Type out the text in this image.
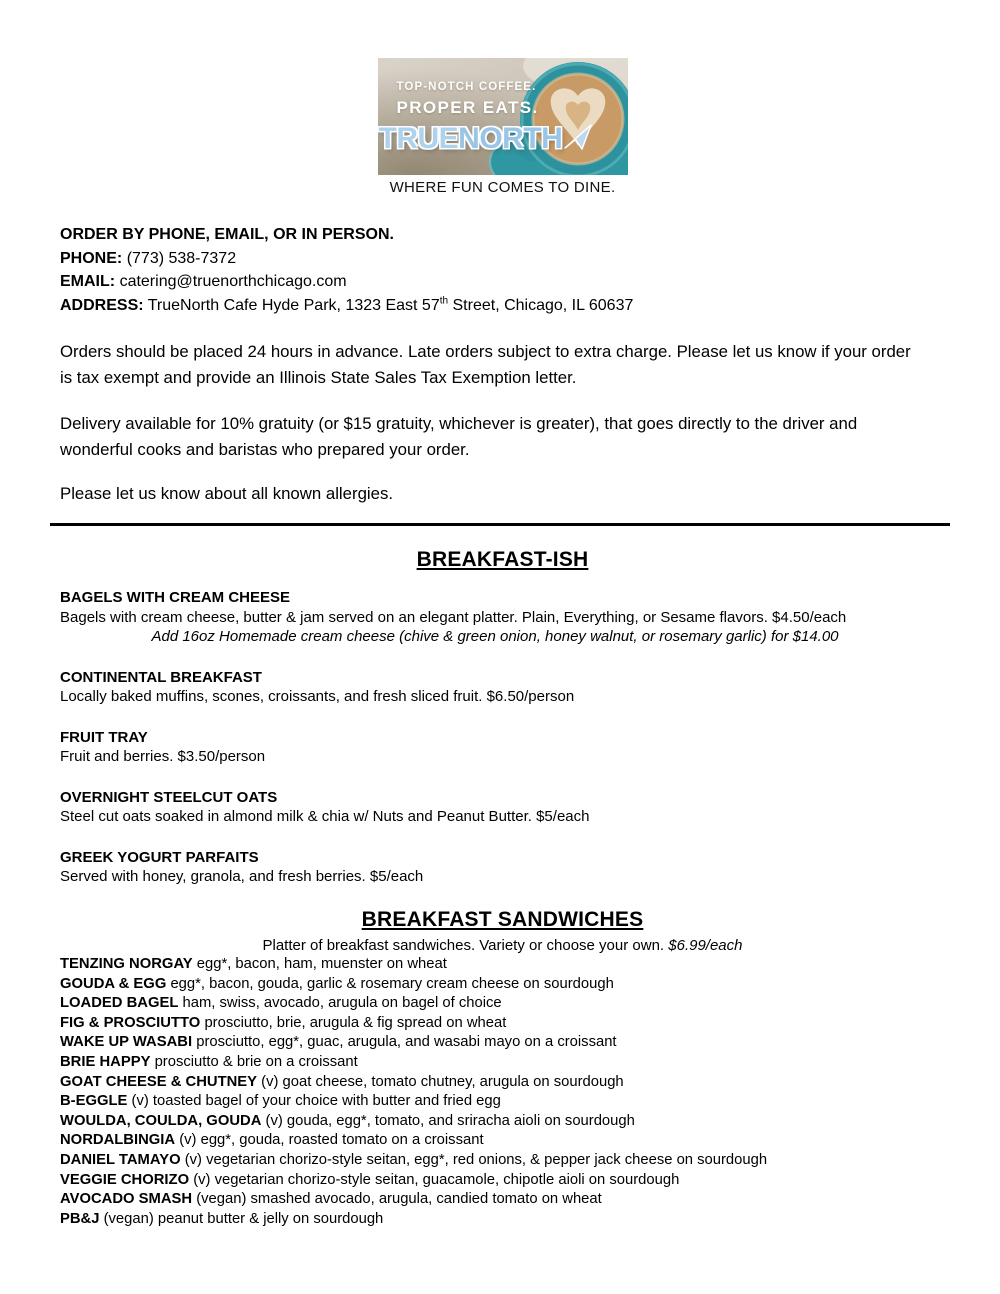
TOP-NOTCH COFFEE.
PROPER EATS.
TRUENORTH
WHERE FUN COMES TO DINE.

ORDER BY PHONE, EMAIL, OR IN PERSON.

PHONE: (773) 538-7372

EMAIL: catering@truenorthchicago.com

ADDRESS: TrueNorth Cafe Hyde Park, 1323 East 57th Street, Chicago, IL 60637

Orders should be placed 24 hours in advance. Late orders subject to extra charge. Please let us know if your order is tax exempt and provide an Illinois State Sales Tax Exemption letter.

Delivery available for 10% gratuity (or $15 gratuity, whichever is greater), that goes directly to the driver and wonderful cooks and baristas who prepared your order.

Please let us know about all known allergies.

BREAKFAST-ISH
BAGELS WITH CREAM CHEESE

Bagels with cream cheese, butter & jam served on an elegant platter. Plain, Everything, or Sesame flavors. $4.50/each

Add 16oz Homemade cream cheese (chive & green onion, honey walnut, or rosemary garlic) for $14.00

CONTINENTAL BREAKFAST

Locally baked muffins, scones, croissants, and fresh sliced fruit. $6.50/person

FRUIT TRAY

Fruit and berries. $3.50/person

OVERNIGHT STEELCUT OATS

Steel cut oats soaked in almond milk & chia w/ Nuts and Peanut Butter. $5/each

GREEK YOGURT PARFAITS

Served with honey, granola, and fresh berries. $5/each

BREAKFAST SANDWICHES

Platter of breakfast sandwiches. Variety or choose your own. $6.99/each

TENZING NORGAY egg*, bacon, ham, muenster on wheat
GOUDA & EGG egg*, bacon, gouda, garlic & rosemary cream cheese on sourdough
LOADED BAGEL ham, swiss, avocado, arugula on bagel of choice
FIG & PROSCIUTTO prosciutto, brie, arugula & fig spread on wheat
WAKE UP WASABI prosciutto, egg*, guac, arugula, and wasabi mayo on a croissant
BRIE HAPPY prosciutto & brie on a croissant
GOAT CHEESE & CHUTNEY (v) goat cheese, tomato chutney, arugula on sourdough
B-EGGLE (v) toasted bagel of your choice with butter and fried egg
WOULDA, COULDA, GOUDA (v) gouda, egg*, tomato, and sriracha aioli on sourdough
NORDALBINGIA (v) egg*, gouda, roasted tomato on a croissant
DANIEL TAMAYO (v) vegetarian chorizo-style seitan, egg*, red onions, & pepper jack cheese on sourdough
VEGGIE CHORIZO (v) vegetarian chorizo-style seitan, guacamole, chipotle aioli on sourdough
AVOCADO SMASH (vegan) smashed avocado, arugula, candied tomato on wheat
PB&J (vegan) peanut butter & jelly on sourdough
